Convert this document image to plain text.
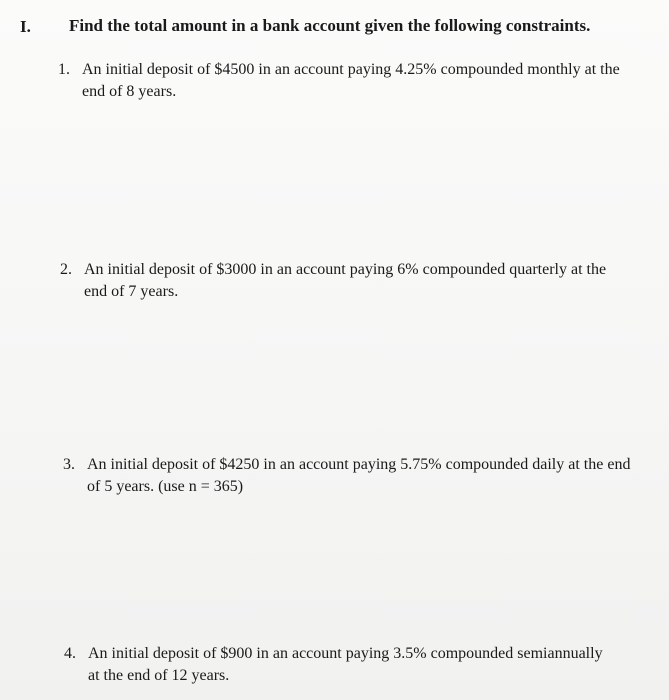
I. Find the total amount in a bank account given the following constraints.
1. An initial deposit of $4500 in an account paying 4.25% compounded monthly at the end of 8 years.
2. An initial deposit of $3000 in an account paying 6% compounded quarterly at the end of 7 years.
3. An initial deposit of $4250 in an account paying 5.75% compounded daily at the end of 5 years. (use n = 365)
4. An initial deposit of $900 in an account paying 3.5% compounded semiannually at the end of 12 years.
